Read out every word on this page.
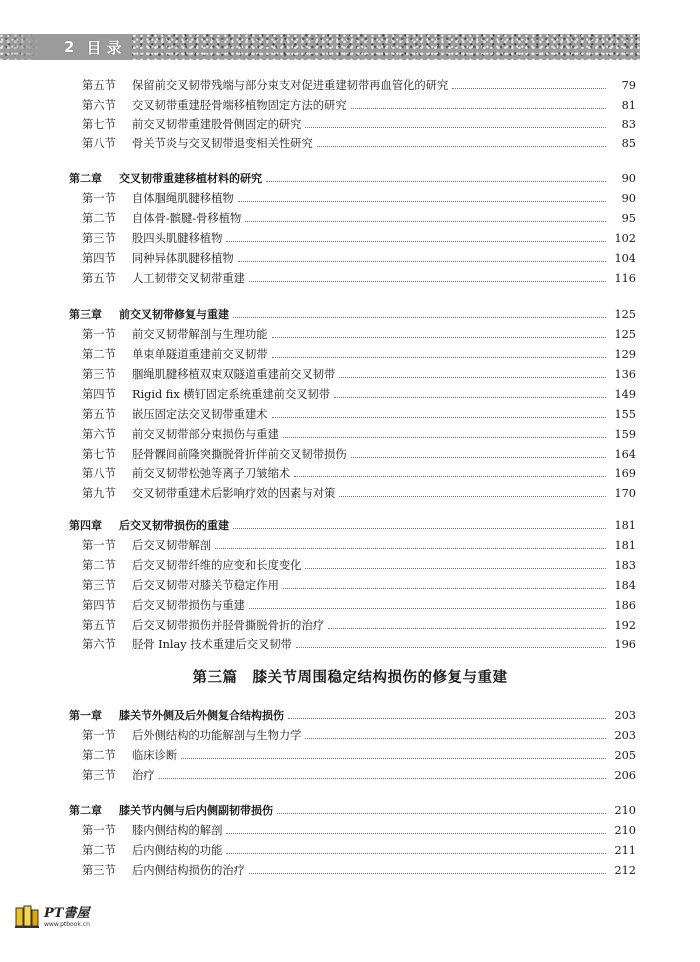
2 目 录
第五节	保留前交叉韧带残端与部分束支对促进重建韧带再血管化的研究	79
第六节	交叉韧带重建胫骨端移植物固定方法的研究	81
第七节	前交叉韧带重建股骨侧固定的研究	83
第八节	骨关节炎与交叉韧带退变相关性研究	85
第二章	交叉韧带重建移植材料的研究	90
第一节	自体腘绳肌腱移植物	90
第二节	自体骨-髌腱-骨移植物	95
第三节	股四头肌腱移植物	102
第四节	同种异体肌腱移植物	104
第五节	人工韧带交叉韧带重建	116
第三章	前交叉韧带修复与重建	125
第一节	前交叉韧带解剖与生理功能	125
第二节	单束单隧道重建前交叉韧带	129
第三节	腘绳肌腱移植双束双隧道重建前交叉韧带	136
第四节	Rigid fix 横钉固定系统重建前交叉韧带	149
第五节	嵌压固定法交叉韧带重建术	155
第六节	前交叉韧带部分束损伤与重建	159
第七节	胫骨髁间前隆突撕脱骨折伴前交叉韧带损伤	164
第八节	前交叉韧带松弛等离子刀皱缩术	169
第九节	交叉韧带重建术后影响疗效的因素与对策	170
第四章	后交叉韧带损伤的重建	181
第一节	后交叉韧带解剖	181
第二节	后交叉韧带纤维的应变和长度变化	183
第三节	后交叉韧带对膝关节稳定作用	184
第四节	后交叉韧带损伤与重建	186
第五节	后交叉韧带损伤并胫骨撕脱骨折的治疗	192
第六节	胫骨 Inlay 技术重建后交叉韧带	196
第一章	膝关节外侧及后外侧复合结构损伤	203
第一节	后外侧结构的功能解剖与生物力学	203
第二节	临床诊断	205
第三节	治疗	206
第二章	膝关节内侧与后内侧副韧带损伤	210
第一节	膝内侧结构的解剖	210
第二节	后内侧结构的功能	211
第三节	后内侧结构损伤的治疗	212
第三篇　膝关节周围稳定结构损伤的修复与重建
PT書屋
www.ptbook.cn
